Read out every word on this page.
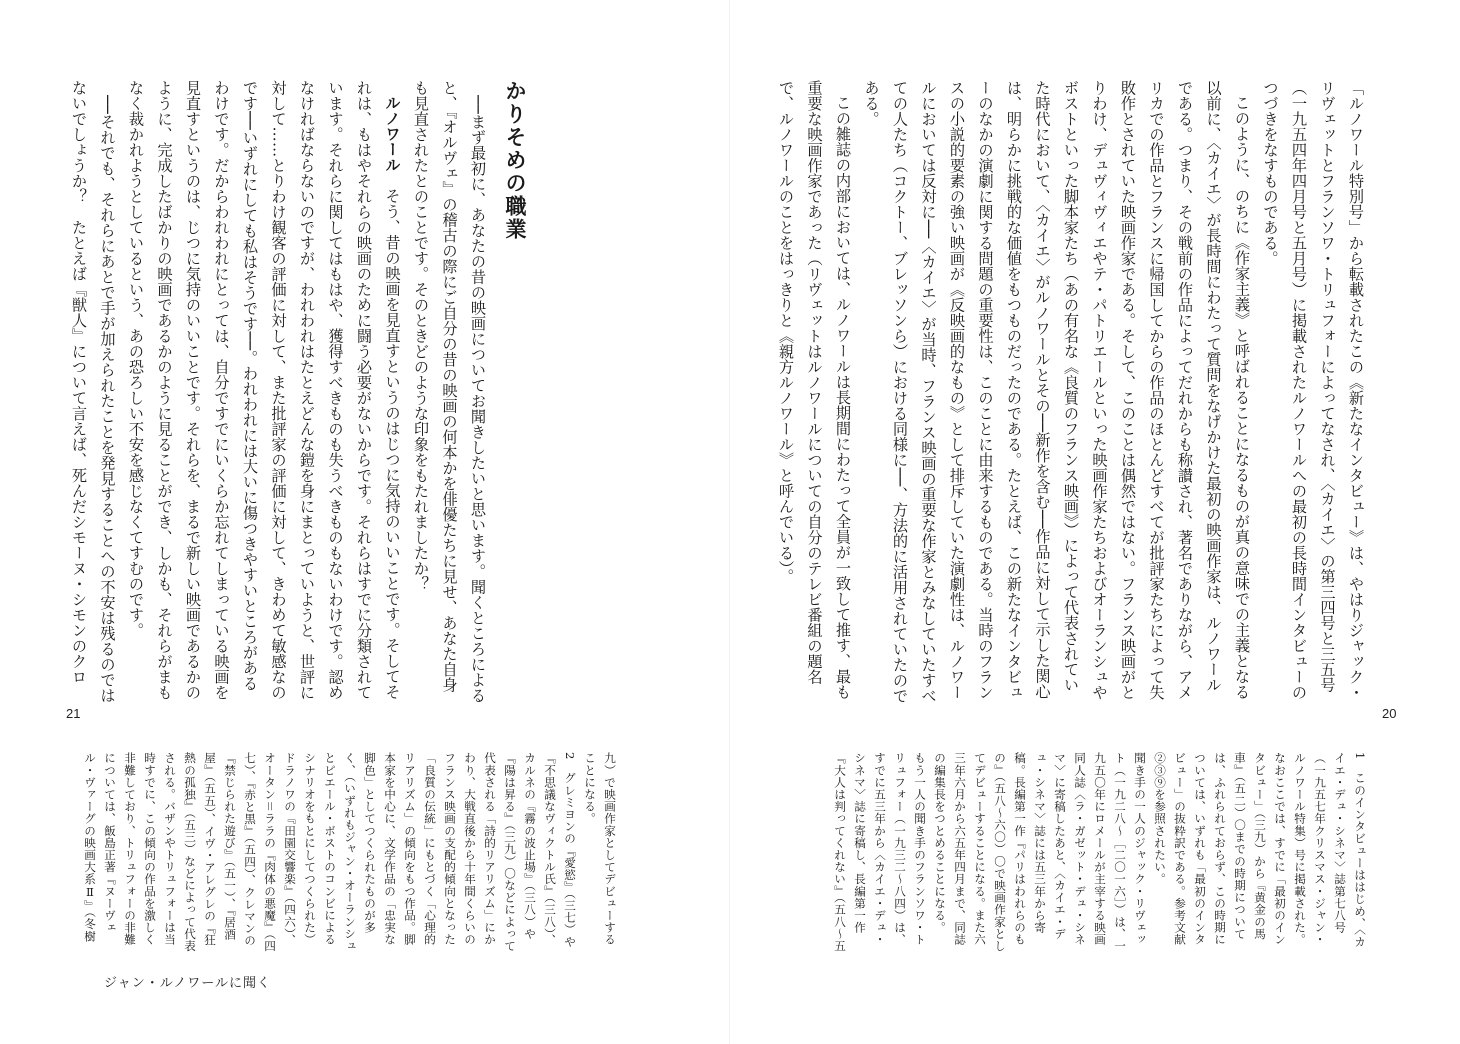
かりそめの職業

──まず最初に、あなたの昔の映画についてお聞きしたいと思います。聞くところによると、『オルヴェ』の稽古の際にご自分の昔の映画の何本かを俳優たちに見せ、あなた自身も見直されたとのことです。そのときどのような印象をもたれましたか？

ルノワール　そう、昔の映画を見直すというのはじつに気持のいいことです。そしてそれは、もはやそれらの映画のために闘う必要がないからです。それらはすでに分類されています。それらに関してはもはや、獲得すべきものも失うべきものもないわけです。認めなければならないのですが、われわれはたとえどんな鎧を身にまとっていようと、世評に対して……とりわけ観客の評価に対して、また批評家の評価に対して、きわめて敏感なのです──いずれにしても私はそうです──。われわれには大いに傷つきやすいところがあるわけです。だからわれわれにとっては、自分ですでにいくらか忘れてしまっている映画を見直すというのは、じつに気持のいいことです。それらを、まるで新しい映画であるかのように、完成したばかりの映画であるかのように見ることができ、しかも、それらがまもなく裁かれようとしているという、あの恐ろしい不安を感じなくてすむのです。

──それでも、それらにあとで手が加えられたことを発見することへの不安は残るのではないでしょうか？　たとえば『獣人』について言えば、死んだシモーヌ・シモンのクロ

21

九）で映画作家としてデビューすることになる。

2　グレミヨンの『愛慾』（三七）や『不思議なヴィクトル氏』（三八）、カルネの『霧の波止場』（三八）や『陽は昇る』（三九）〇などによって代表される「詩的リアリズム」にかわり、大戦直後から十年間くらいのフランス映画の支配的傾向となった「良質の伝統」にもとづく「心理的リアリズム」の傾向をもつ作品。脚本家を中心に、文学作品の「忠実な脚色」としてつくられたものが多く、（いずれもジャン・オーランシュとピエール・ボストのコンビによるシナリオをもとにしてつくられた）ドラノワの『田園交響楽』（四六）、オータン＝ララの『肉体の悪魔』（四七）、『赤と黒』（五四）、クレマンの『禁じられた遊び』（五一）、『居酒屋』（五五）、イヴ・アレグレの『狂熱の孤独』（五三）などによって代表される。バザンやトリュフォーは当時すでに、この傾向の作品を激しく非難しており、トリュフォーの非難については、飯島正著『ヌーヴェル・ヴァーグの映画大系Ⅱ』（冬樹

ジャン・ルノワールに聞く

「ルノワール特別号」から転載されたこの《新たなインタビュー》は、やはりジャック・リヴェットとフランソワ・トリュフォーによってなされ、〈カイエ〉の第三四号と三五号（一九五四年四月号と五月号）に掲載されたルノワールへの最初の長時間インタビューのつづきをなすものである。

このように、のちに《作家主義》と呼ばれることになるものが真の意味での主義となる以前に、〈カイエ〉が長時間にわたって質問をなげかけた最初の映画作家は、ルノワールである。つまり、その戦前の作品によってだれからも称讃され、著名でありながら、アメリカでの作品とフランスに帰国してからの作品のほとんどすべてが批評家たちによって失敗作とされていた映画作家である。そして、このことは偶然ではない。フランス映画がとりわけ、デュヴィヴィエやテ・パトリエールといった映画作家たちおよびオーランシュやボストといった脚本家たち（あの有名な《良質のフランス映画》）によって代表されていた時代において、〈カイエ〉がルノワールとその──新作を含む──作品に対して示した関心は、明らかに挑戦的な価値をもつものだったのである。たとえば、この新たなインタビューのなかの演劇に関する問題の重要性は、このことに由来するものである。当時のフランスの小説的要素の強い映画が《反映画的なもの》として排斥していた演劇性は、ルノワールにおいては反対に──〈カイエ〉が当時、フランス映画の重要な作家とみなしていたすべての人たち（コクトー、ブレッソンら）における同様に──、方法的に活用されていたのである。

この雑誌の内部においては、ルノワールは長期間にわたって全員が一致して推す、最も重要な映画作家であった（リヴェットはルノワールについての自分のテレビ番組の題名で、ルノワールのことをはっきりと《親方ルノワール》と呼んでいる）。

20

1　このインタビューははじめ、〈カイエ・デュ・シネマ〉誌第七八号（一九五七年クリスマス・ジャン・ルノワール特集）号に掲載された。なおここでは、すでに「最初のインタビュー」（三九）から『黄金の馬車』（五二）〇までの時期については、ふれられておらず、この時期については、いずれも「最初のインタビュー」の抜粋訳である。参考文献②③⑨を参照されたい。

聞き手の一人のジャック・リヴェット（一九二八～［二〇一六］）は、一九五〇年にロメールが主宰する映画同人誌〈ラ・ガゼット・デュ・シネマ〉に寄稿したあと、〈カイエ・デュ・シネマ〉誌には五三年から寄稿。長編第一作『パリはわれらのもの』（五八～六〇）〇で映画作家としてデビューすることになる。また六三年六月から六五年四月まで、同誌の編集長をつとめることになる。

もう一人の聞き手のフランソワ・トリュフォー（一九三二～八四）は、すでに五三年から〈カイエ・デュ・シネマ〉誌に寄稿し、長編第一作『大人は判ってくれない』（五八～五
